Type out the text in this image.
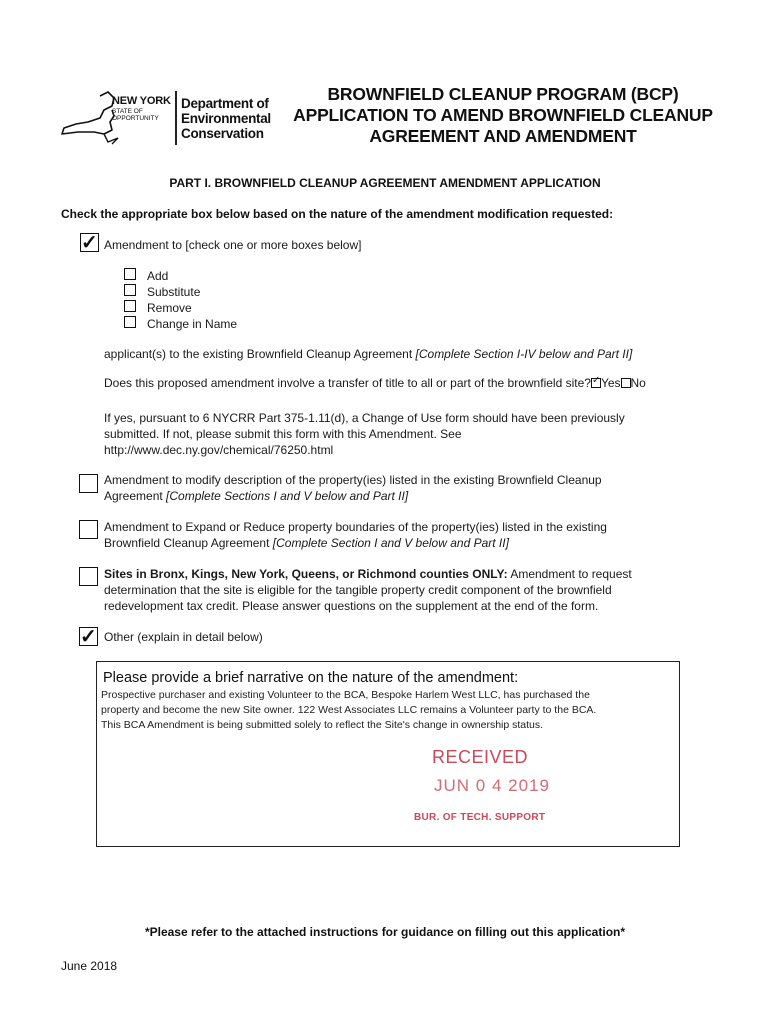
NEW YORK
STATE OF
OPPORTUNITY
Department of
Environmental
Conservation
BROWNFIELD CLEANUP PROGRAM (BCP)
APPLICATION TO AMEND BROWNFIELD CLEANUP
AGREEMENT AND AMENDMENT
PART I. BROWNFIELD CLEANUP AGREEMENT AMENDMENT APPLICATION
Check the appropriate box below based on the nature of the amendment modification requested:
✓ Amendment to [check one or more boxes below]
Add
Substitute
Remove
Change in Name
applicant(s) to the existing Brownfield Cleanup Agreement [Complete Section I-IV below and Part II]
Does this proposed amendment involve a transfer of title to all or part of the brownfield site? ✓ Yes No
If yes, pursuant to 6 NYCRR Part 375-1.11(d), a Change of Use form should have been previously
submitted. If not, please submit this form with this Amendment. See
http://www.dec.ny.gov/chemical/76250.html
Amendment to modify description of the property(ies) listed in the existing Brownfield Cleanup
Agreement [Complete Sections I and V below and Part II]
Amendment to Expand or Reduce property boundaries of the property(ies) listed in the existing
Brownfield Cleanup Agreement [Complete Section I and V below and Part II]
Sites in Bronx, Kings, New York, Queens, or Richmond counties ONLY: Amendment to request
determination that the site is eligible for the tangible property credit component of the brownfield
redevelopment tax credit. Please answer questions on the supplement at the end of the form.
✓ Other (explain in detail below)
Please provide a brief narrative on the nature of the amendment:
Prospective purchaser and existing Volunteer to the BCA, Bespoke Harlem West LLC, has purchased the
property and become the new Site owner. 122 West Associates LLC remains a Volunteer party to the BCA.
This BCA Amendment is being submitted solely to reflect the Site's change in ownership status.
RECEIVED
JUN 0 4 2019
BUR. OF TECH. SUPPORT
*Please refer to the attached instructions for guidance on filling out this application*
June 2018
